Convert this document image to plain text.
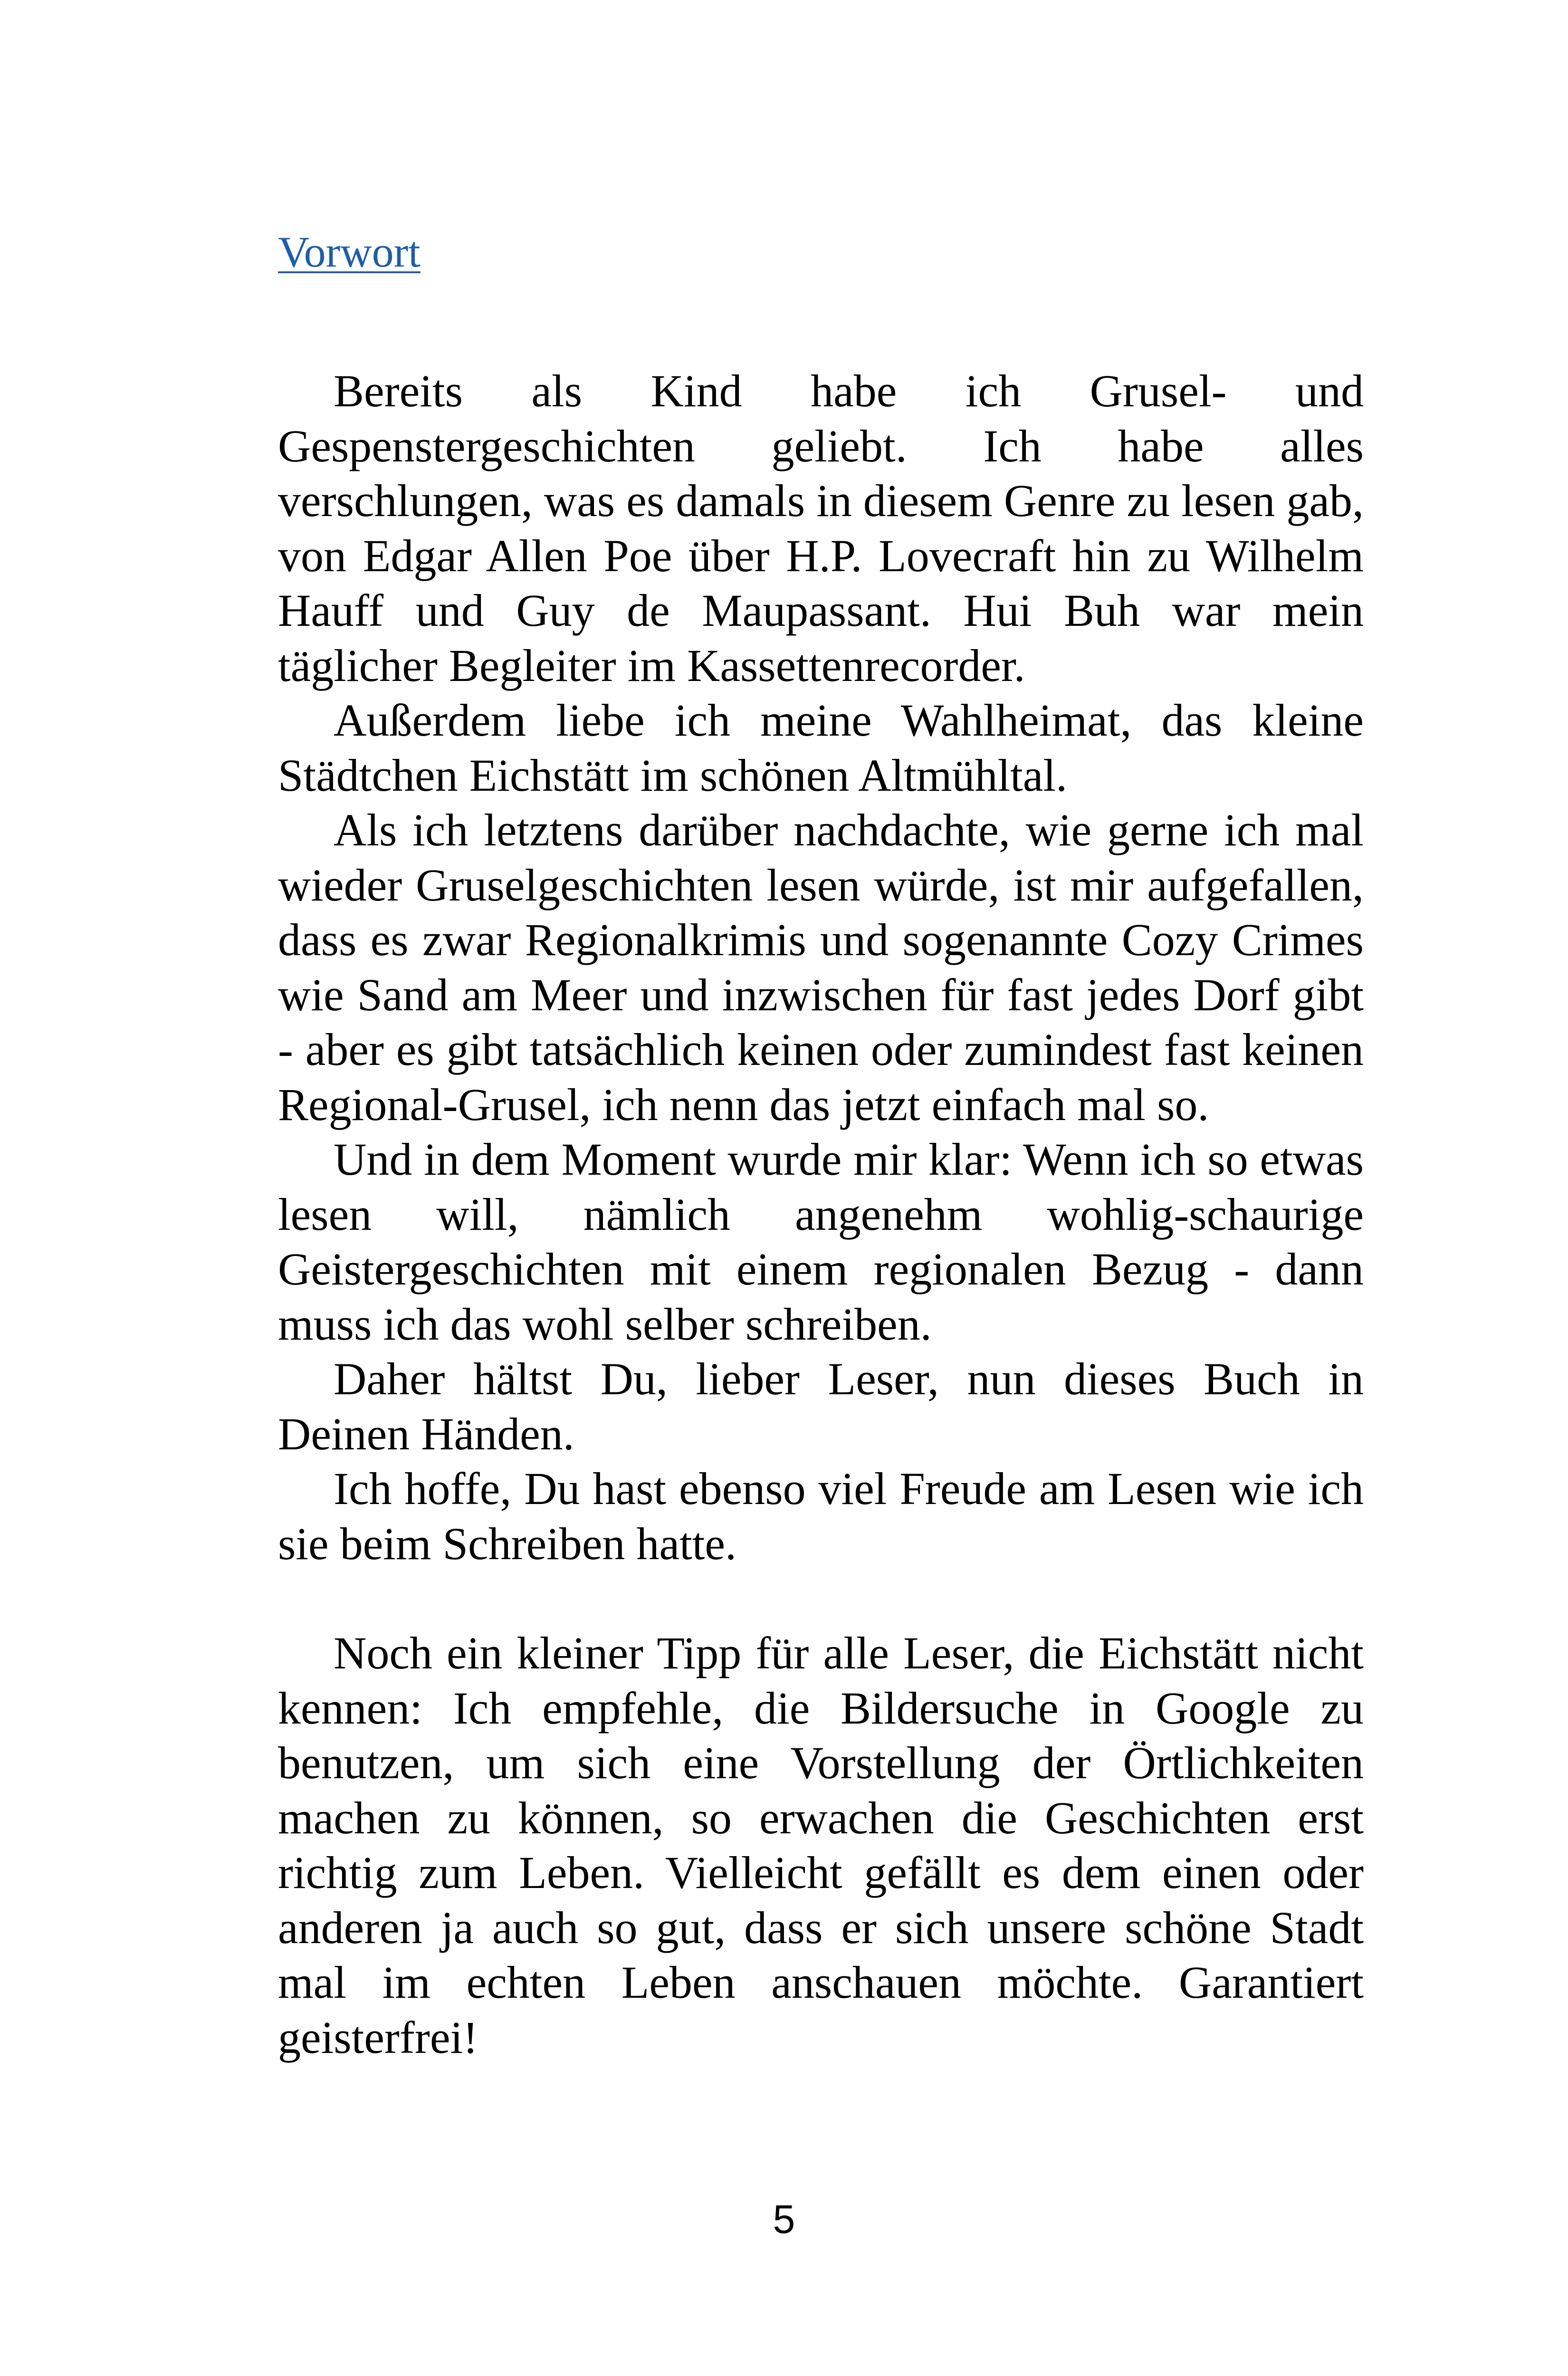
Vorwort

Bereits als Kind habe ich Grusel- und Gespenstergeschichten geliebt. Ich habe alles verschlungen, was es damals in diesem Genre zu lesen gab, von Edgar Allen Poe über H.P. Lovecraft hin zu Wilhelm Hauff und Guy de Maupassant. Hui Buh war mein täglicher Begleiter im Kassettenrecorder.

Außerdem liebe ich meine Wahlheimat, das kleine Städtchen Eichstätt im schönen Altmühltal.

Als ich letztens darüber nachdachte, wie gerne ich mal wieder Gruselgeschichten lesen würde, ist mir aufgefallen, dass es zwar Regionalkrimis und sogenannte Cozy Crimes wie Sand am Meer und inzwischen für fast jedes Dorf gibt - aber es gibt tatsächlich keinen oder zumindest fast keinen Regional-Grusel, ich nenn das jetzt einfach mal so.

Und in dem Moment wurde mir klar: Wenn ich so etwas lesen will, nämlich angenehm wohlig-schaurige Geistergeschichten mit einem regionalen Bezug - dann muss ich das wohl selber schreiben.

Daher hältst Du, lieber Leser, nun dieses Buch in Deinen Händen.

Ich hoffe, Du hast ebenso viel Freude am Lesen wie ich sie beim Schreiben hatte.

Noch ein kleiner Tipp für alle Leser, die Eichstätt nicht kennen: Ich empfehle, die Bildersuche in Google zu benutzen, um sich eine Vorstellung der Örtlichkeiten machen zu können, so erwachen die Geschichten erst richtig zum Leben. Vielleicht gefällt es dem einen oder anderen ja auch so gut, dass er sich unsere schöne Stadt mal im echten Leben anschauen möchte. Garantiert geisterfrei!

5
